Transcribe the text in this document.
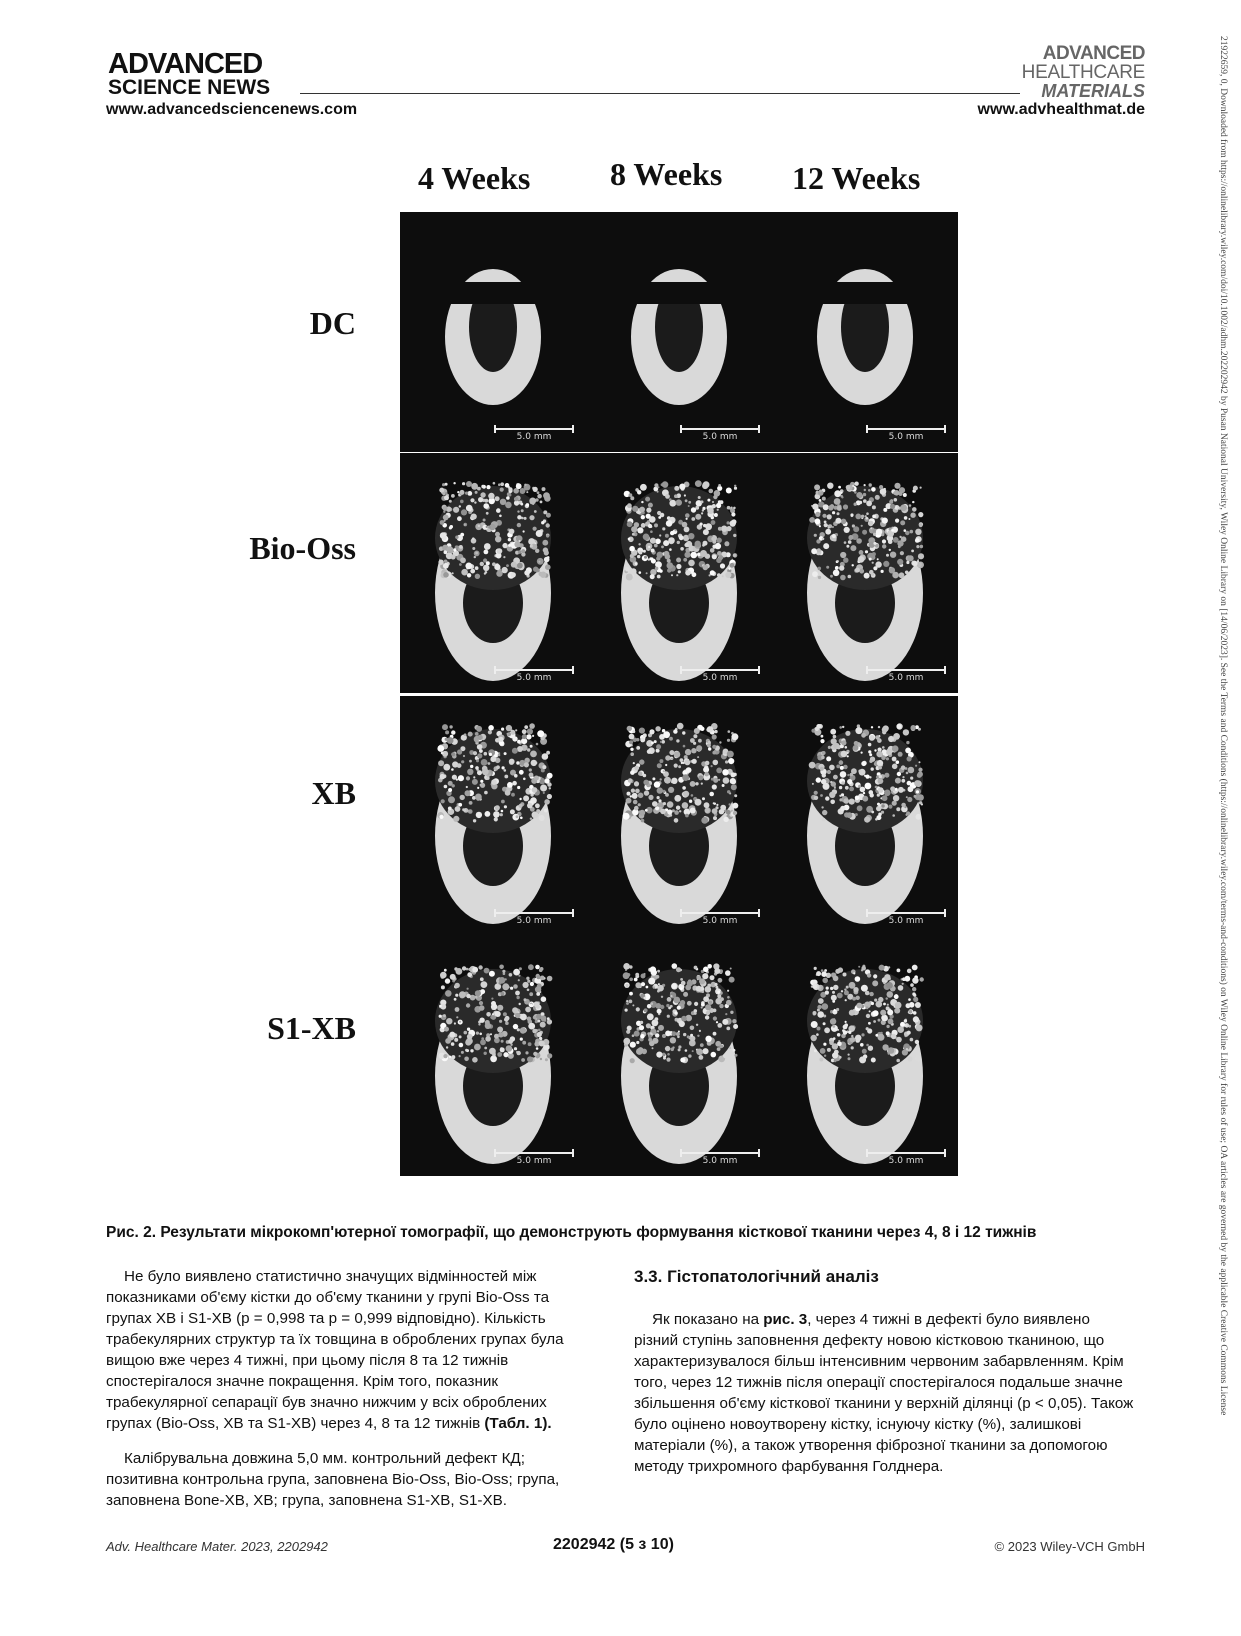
ADVANCED
SCIENCE NEWS
ADVANCED
HEALTHCARE
MATERIALS
www.advancedsciencenews.com	www.advhealthmat.de	21922659, 0, Downloaded from https://onlinelibrary.wiley.com/doi/10.1002/adhm.202202942 by Pusan National University, Wiley Online Library on [14/06/2023]. See the Terms and Conditions (https://onlinelibrary.wiley.com/terms-and-conditions) on Wiley Online Library for rules of use; OA articles are governed by the applicable Creative Commons License
4 Weeks 8 Weeks 12 Weeks
DC
Bio-Oss
XB
S1-XB
5.0 mm	5.0 mm	5.0 mm
5.0 mm	5.0 mm	5.0 mm
5.0 mm	5.0 mm	5.0 mm
5.0 mm	5.0 mm	5.0 mm
Рис. 2. Результати мікрокомп'ютерної томографії, що демонструють формування кісткової тканини через 4, 8 і 12 тижнів

Не було виявлено статистично значущих відмінностей між показниками об'єму кістки до об'єму тканини у групі Bio-Oss та групах XB і S1-XB (p = 0,998 та p = 0,999 відповідно). Кількість трабекулярних структур та їх товщина в оброблених групах була вищою вже через 4 тижні, при цьому після 8 та 12 тижнів спостерігалося значне покращення. Крім того, показник трабекулярної сепарації був значно нижчим у всіх оброблених групах (Bio-Oss, XB та S1-XB) через 4, 8 та 12 тижнів (Табл. 1).

Калібрувальна довжина 5,0 мм. контрольний дефект КД; позитивна контрольна група, заповнена Bio-Oss, Bio-Oss; група, заповнена Bone-XB, XB; група, заповнена S1-XB, S1-XB.

3.3. Гістопатологічний аналіз

Як показано на рис. 3, через 4 тижні в дефекті було виявлено різний ступінь заповнення дефекту новою кістковою тканиною, що характеризувалося більш інтенсивним червоним забарвленням. Крім того, через 12 тижнів після операції спостерігалося подальше значне збільшення об'єму кісткової тканини у верхній ділянці (p < 0,05). Також було оцінено новоутворену кістку, існуючу кістку (%), залишкові матеріали (%), а також утворення фіброзної тканини за допомогою методу трихромного фарбування Голднера.

Adv. Healthcare Mater. 2023, 2202942	2202942 (5 з 10)	© 2023 Wiley-VCH GmbH
